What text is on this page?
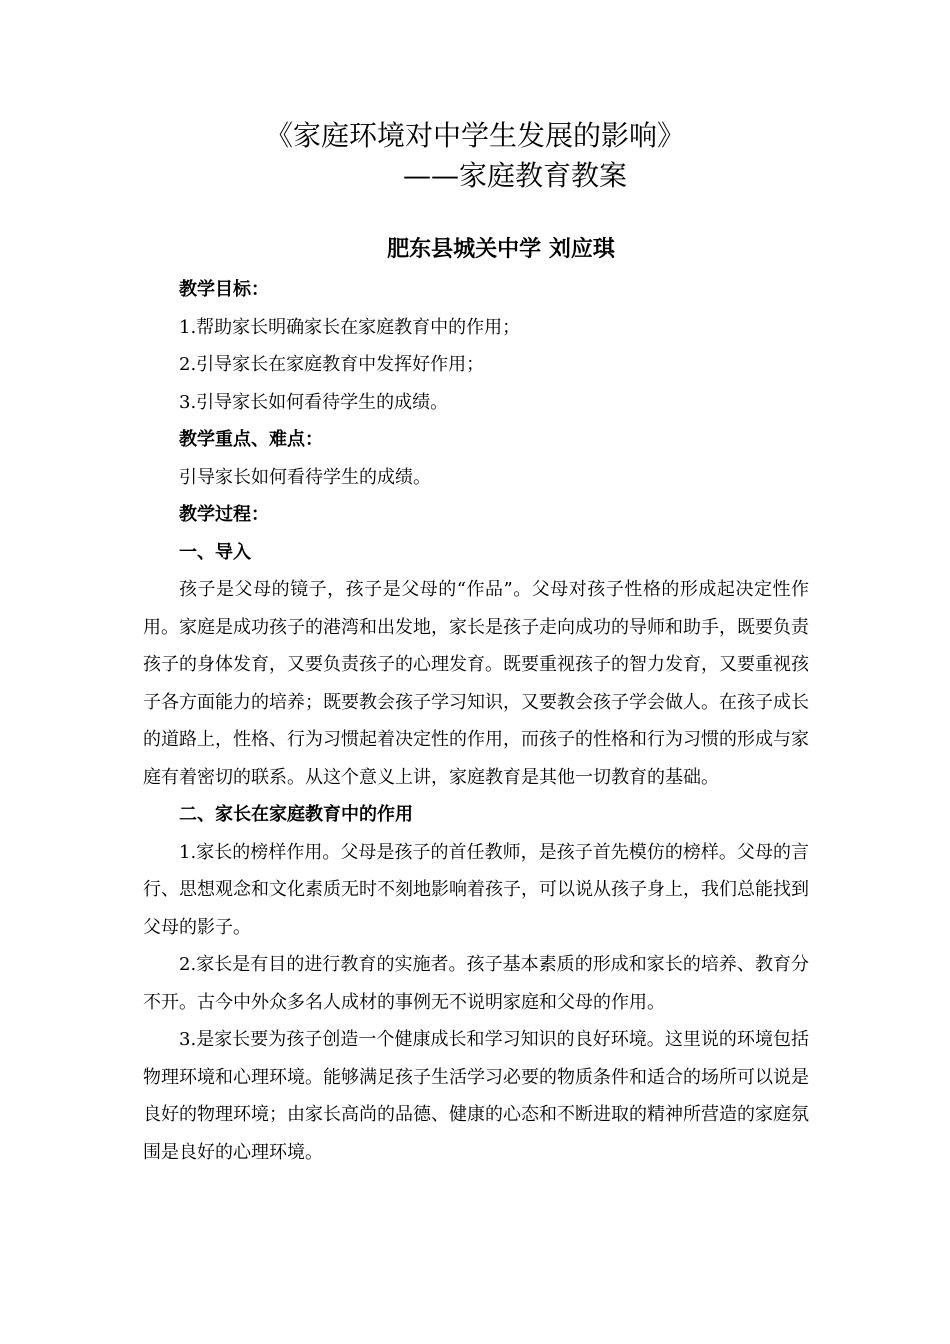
《家庭环境对中学生发展的影响》
——家庭教育教案
肥东县城关中学 刘应琪

教学目标：

1.帮助家长明确家长在家庭教育中的作用；

2.引导家长在家庭教育中发挥好作用；

3.引导家长如何看待学生的成绩。

教学重点、难点：

引导家长如何看待学生的成绩。

教学过程：

一、导入

孩子是父母的镜子，孩子是父母的“作品”。父母对孩子性格的形成起决定性作用。家庭是成功孩子的港湾和出发地，家长是孩子走向成功的导师和助手，既要负责孩子的身体发育，又要负责孩子的心理发育。既要重视孩子的智力发育，又要重视孩子各方面能力的培养；既要教会孩子学习知识，又要教会孩子学会做人。在孩子成长的道路上，性格、行为习惯起着决定性的作用，而孩子的性格和行为习惯的形成与家庭有着密切的联系。从这个意义上讲，家庭教育是其他一切教育的基础。

二、家长在家庭教育中的作用

1.家长的榜样作用。父母是孩子的首任教师，是孩子首先模仿的榜样。父母的言行、思想观念和文化素质无时不刻地影响着孩子，可以说从孩子身上，我们总能找到父母的影子。

2.家长是有目的进行教育的实施者。孩子基本素质的形成和家长的培养、教育分不开。古今中外众多名人成材的事例无不说明家庭和父母的作用。

3.是家长要为孩子创造一个健康成长和学习知识的良好环境。这里说的环境包括物理环境和心理环境。能够满足孩子生活学习必要的物质条件和适合的场所可以说是良好的物理环境；由家长高尚的品德、健康的心态和不断进取的精神所营造的家庭氛围是良好的心理环境。
